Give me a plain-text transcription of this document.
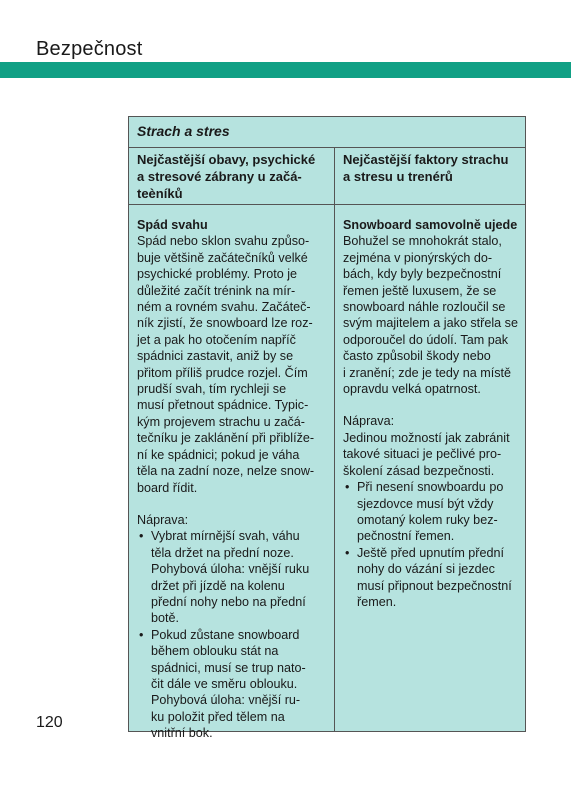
Bezpečnost
Strach a stres
Nejčastější obavy, psychické
a stresové zábrany u začá-
teèníků
Nejčastější faktory strachu
a stresu u trenérů

Spád svahu

Spád nebo sklon svahu způso-
buje většině začátečníků velké
psychické problémy. Proto je
důležité začít trénink na mír-
ném a rovném svahu. Začáteč-
ník zjistí, že snowboard lze roz-
jet a pak ho otočením napříč
spádnici zastavit, aniž by se
přitom příliš prudce rozjel. Čím
prudší svah, tím rychleji se
musí přetnout spádnice. Typic-
kým projevem strachu u začá-
tečníku je zaklánění při přiblíže-
ní ke spádnici; pokud je váha
těla na zadní noze, nelze snow-
board řídit.

Náprava:

• Vybrat mírnější svah, váhu
těla držet na přední noze.
Pohybová úloha: vnější ruku
držet při jízdě na kolenu
přední nohy nebo na přední
botě.
• Pokud zůstane snowboard
během oblouku stát na
spádnici, musí se trup nato-
čit dále ve směru oblouku.
Pohybová úloha: vnější ru-
ku položit před tělem na
vnitřní bok.

Snowboard samovolně ujede

Bohužel se mnohokrát stalo,
zejména v pionýrských do-
bách, kdy byly bezpečnostní
řemen ještě luxusem, že se
snowboard náhle rozloučil se
svým majitelem a jako střela se
odporoučel do údolí. Tam pak
často způsobil škody nebo
i zranění; zde je tedy na místě
opravdu velká opatrnost.

Náprava:

Jedinou možností jak zabránit
takové situaci je pečlivé pro-
školení zásad bezpečnosti.

• Při nesení snowboardu po
sjezdovce musí být vždy
omotaný kolem ruky bez-
pečnostní řemen.
• Ještě před upnutím přední
nohy do vázání si jezdec
musí připnout bezpečnostní
řemen.
120
